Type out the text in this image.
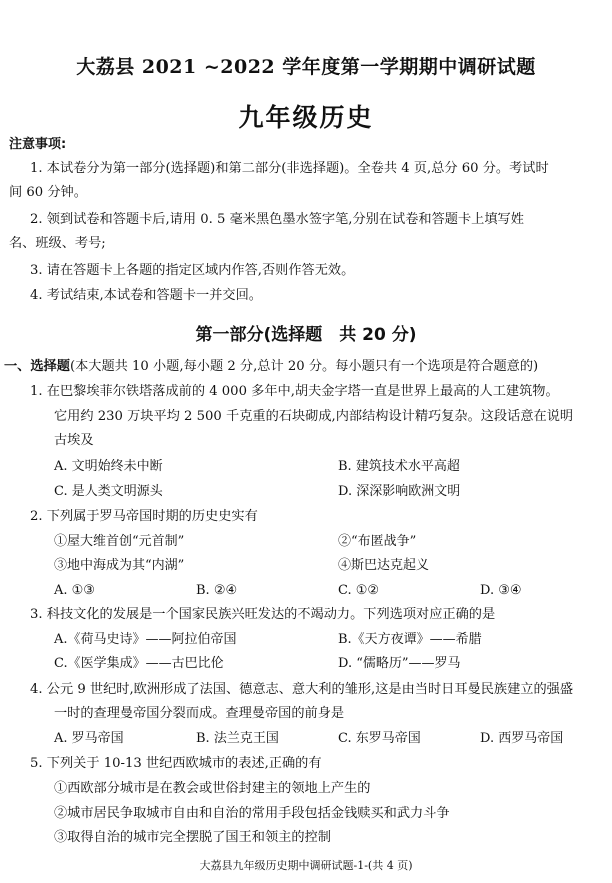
大荔县 2021 ~2022 学年度第一学期期中调研试题
九年级历史
注意事项:
1. 本试卷分为第一部分(选择题)和第二部分(非选择题)。全卷共 4 页,总分 60 分。考试时
间 60 分钟。
2. 领到试卷和答题卡后,请用 0. 5 毫米黑色墨水签字笔,分别在试卷和答题卡上填写姓
名、班级、考号;
3. 请在答题卡上各题的指定区域内作答,否则作答无效。
4. 考试结束,本试卷和答题卡一并交回。
第一部分(选择题　共 20 分)
一、选择题(本大题共 10 小题,每小题 2 分,总计 20 分。每小题只有一个选项是符合题意的)
1. 在巴黎埃菲尔铁塔落成前的 4 000 多年中,胡夫金字塔一直是世界上最高的人工建筑物。
它用约 230 万块平均 2 500 千克重的石块砌成,内部结构设计精巧复杂。这段话意在说明
古埃及
A. 文明始终未中断	B. 建筑技术水平高超
C. 是人类文明源头	D. 深深影响欧洲文明
2. 下列属于罗马帝国时期的历史史实有
①屋大维首创“元首制”	②“布匿战争”
③地中海成为其“内湖”	④斯巴达克起义
A. ①③	B. ②④	C. ①②	D. ③④
3. 科技文化的发展是一个国家民族兴旺发达的不竭动力。下列选项对应正确的是
A.《荷马史诗》——阿拉伯帝国	B.《天方夜谭》——希腊
C.《医学集成》——古巴比伦	D. “儒略历”——罗马
4. 公元 9 世纪时,欧洲形成了法国、德意志、意大利的雏形,这是由当时日耳曼民族建立的强盛
一时的查理曼帝国分裂而成。查理曼帝国的前身是
A. 罗马帝国	B. 法兰克王国	C. 东罗马帝国	D. 西罗马帝国
5. 下列关于 10-13 世纪西欧城市的表述,正确的有
①西欧部分城市是在教会或世俗封建主的领地上产生的
②城市居民争取城市自由和自治的常用手段包括金钱赎买和武力斗争
③取得自治的城市完全摆脱了国王和领主的控制
大荔县九年级历史期中调研试题-1-(共 4 页)
